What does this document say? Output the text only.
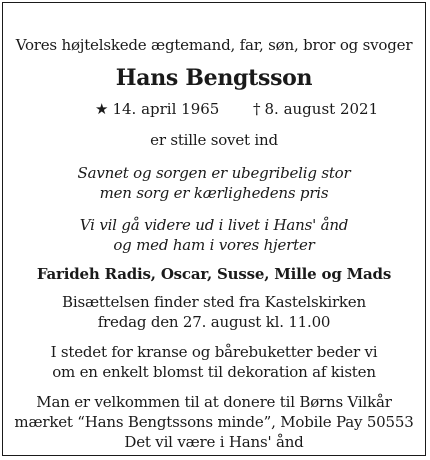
Vores højtelskede ægtemand, far, søn, bror og svoger
Hans Bengtsson
★ 14. april 1965 † 8. august 2021
er stille sovet ind
Savnet og sorgen er ubegribelig stor
men sorg er kærlighedens pris
Vi vil gå videre ud i livet i Hans' ånd
og med ham i vores hjerter
Farideh Radis, Oscar, Susse, Mille og Mads
Bisættelsen finder sted fra Kastelskirken
fredag den 27. august kl. 11.00
I stedet for kranse og bårebuketter beder vi
om en enkelt blomst til dekoration af kisten
Man er velkommen til at donere til Børns Vilkår
mærket “Hans Bengtssons minde”, Mobile Pay 50553
Det vil være i Hans' ånd
